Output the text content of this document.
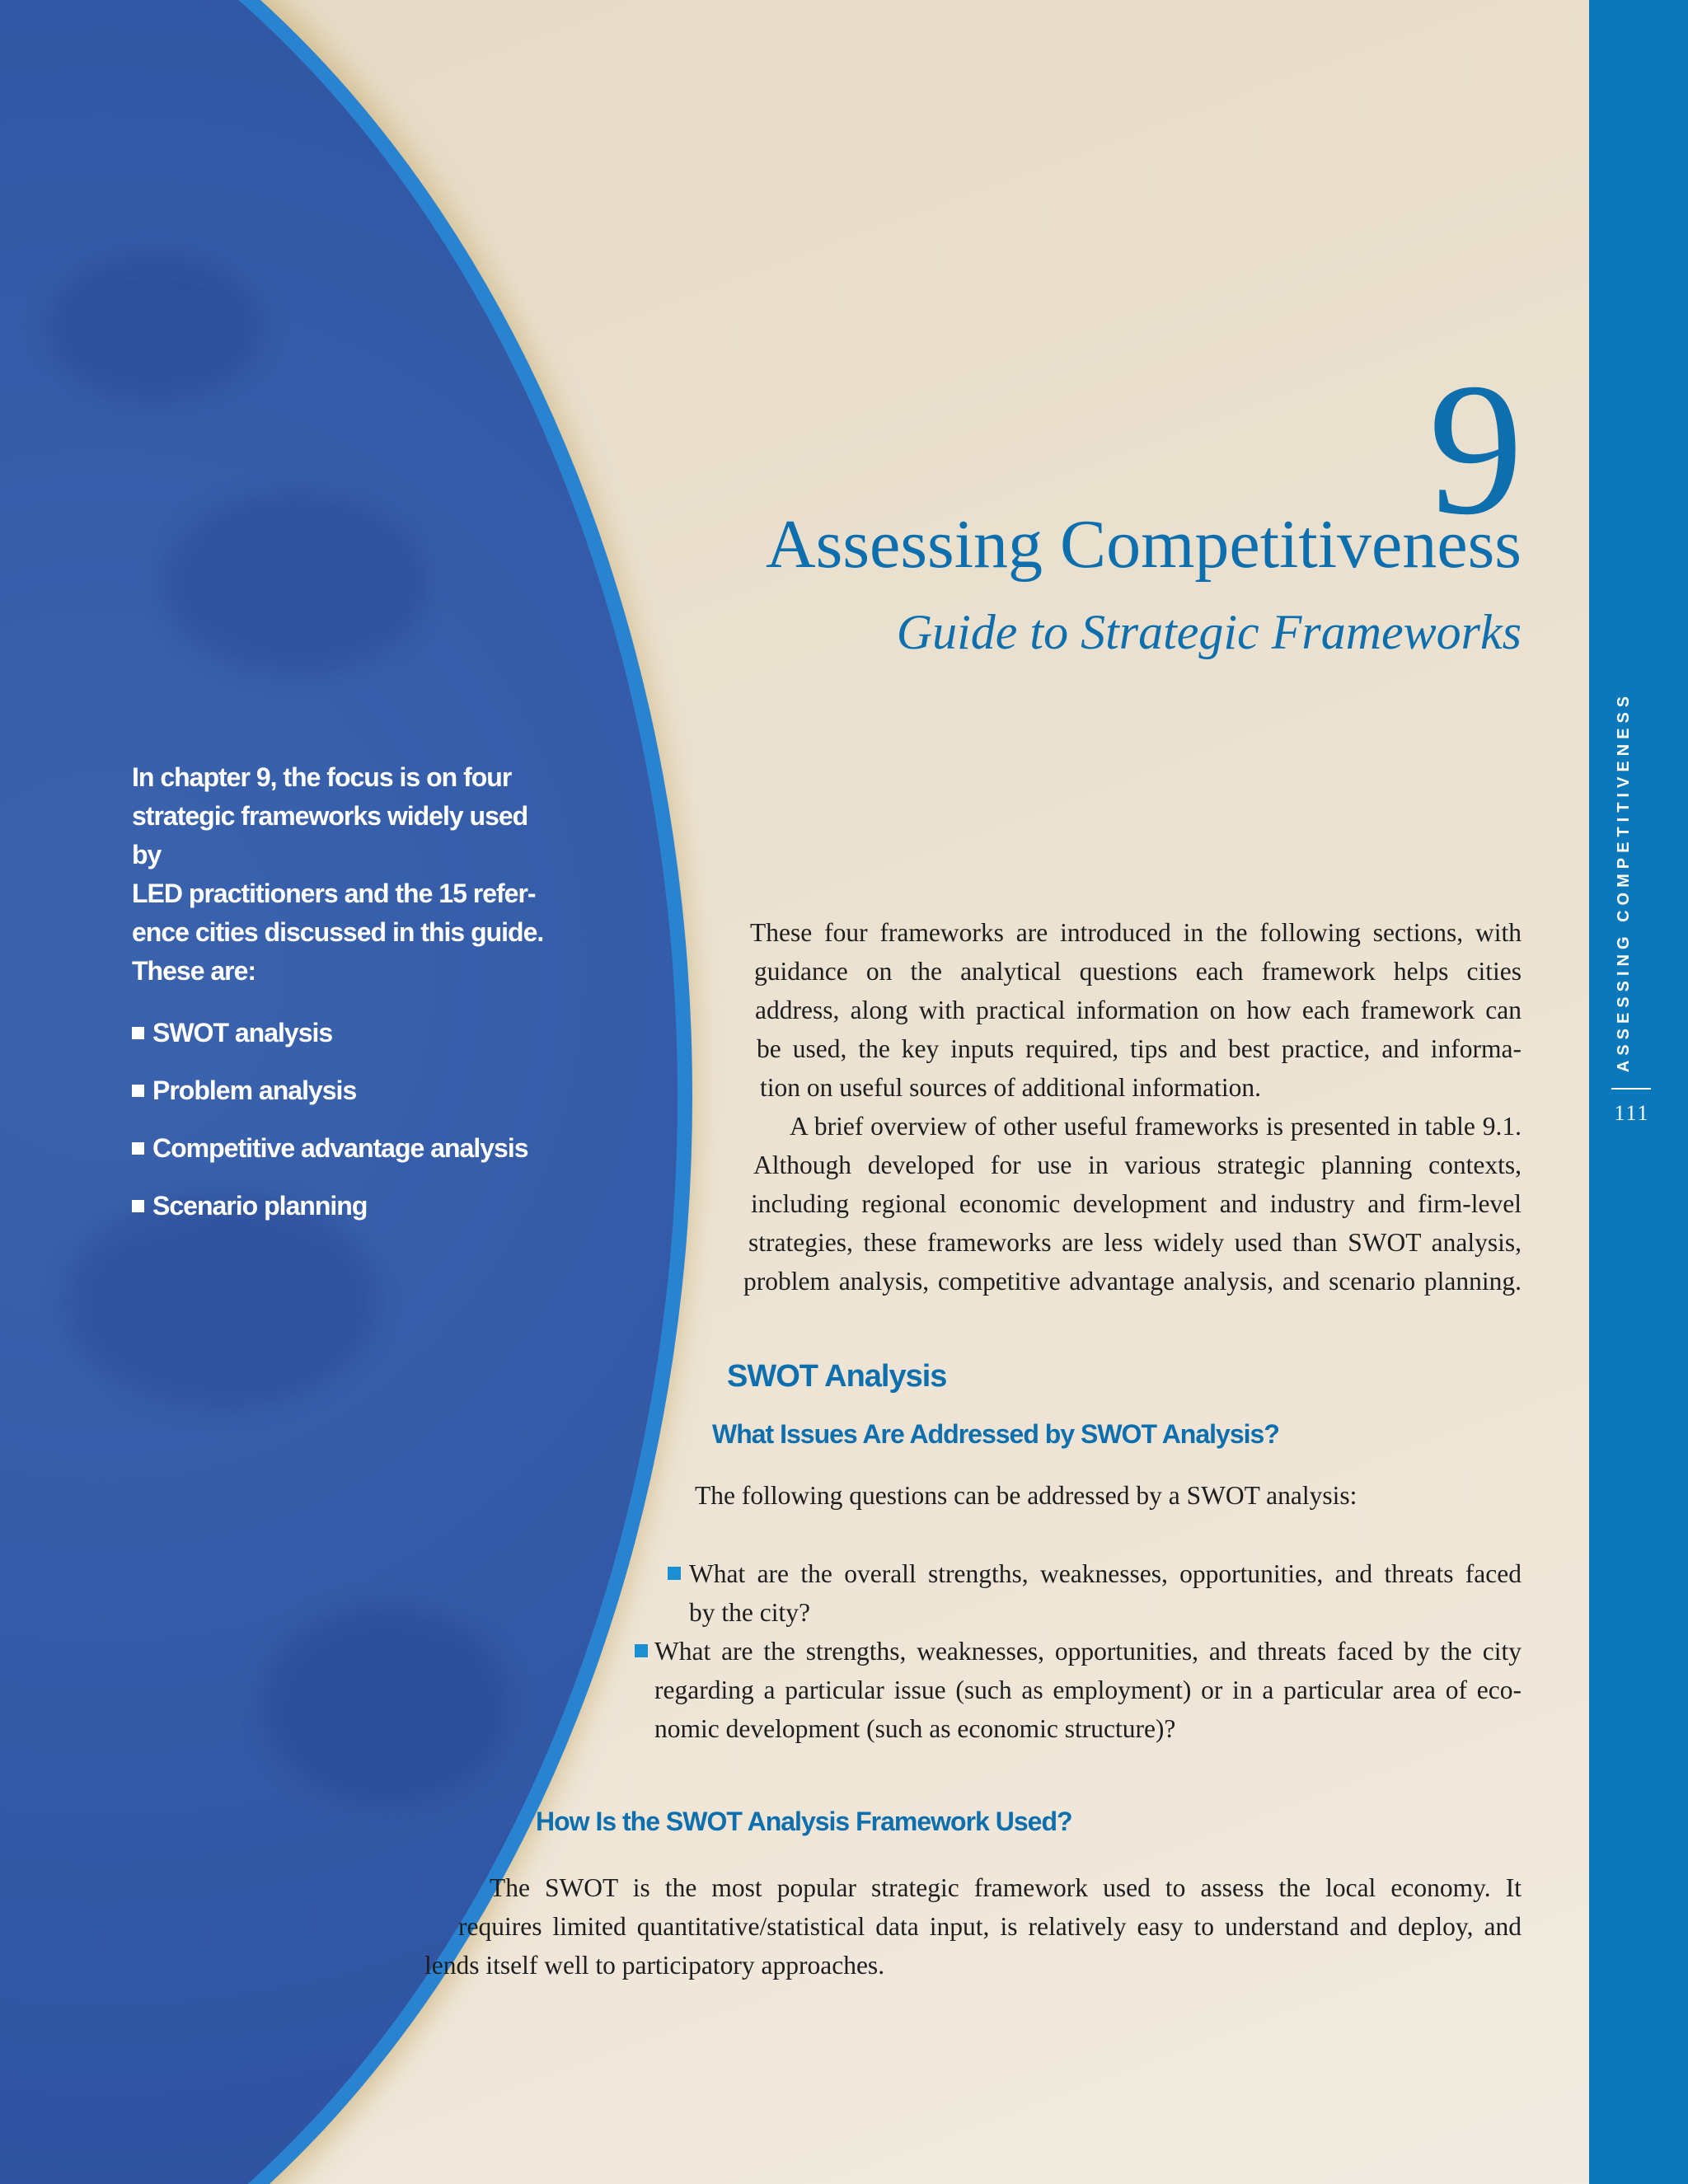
ASSESSING COMPETITIVENESS
111
9
Assessing Competitiveness
Guide to Strategic Frameworks
In chapter 9, the focus is on four
strategic frameworks widely used by
LED practitioners and the 15 refer-
ence cities discussed in this guide.
These are:
SWOT analysis
Problem analysis
Competitive advantage analysis
Scenario planning
These four frameworks are introduced in the following sections, with
guidance on the analytical questions each framework helps cities
address, along with practical information on how each framework can
be used, the key inputs required, tips and best practice, and informa-
tion on useful sources of additional information.
A brief overview of other useful frameworks is presented in table 9.1.
Although developed for use in various strategic planning contexts,
including regional economic development and industry and firm-level
strategies, these frameworks are less widely used than SWOT analysis,
problem analysis, competitive advantage analysis, and scenario planning.
SWOT Analysis
What Issues Are Addressed by SWOT Analysis?
The following questions can be addressed by a SWOT analysis:
What are the overall strengths, weaknesses, opportunities, and threats faced
by the city?
What are the strengths, weaknesses, opportunities, and threats faced by the city
regarding a particular issue (such as employment) or in a particular area of eco-
nomic development (such as economic structure)?
How Is the SWOT Analysis Framework Used?
The SWOT is the most popular strategic framework used to assess the local economy. It
requires limited quantitative/statistical data input, is relatively easy to understand and deploy, and
lends itself well to participatory approaches.
